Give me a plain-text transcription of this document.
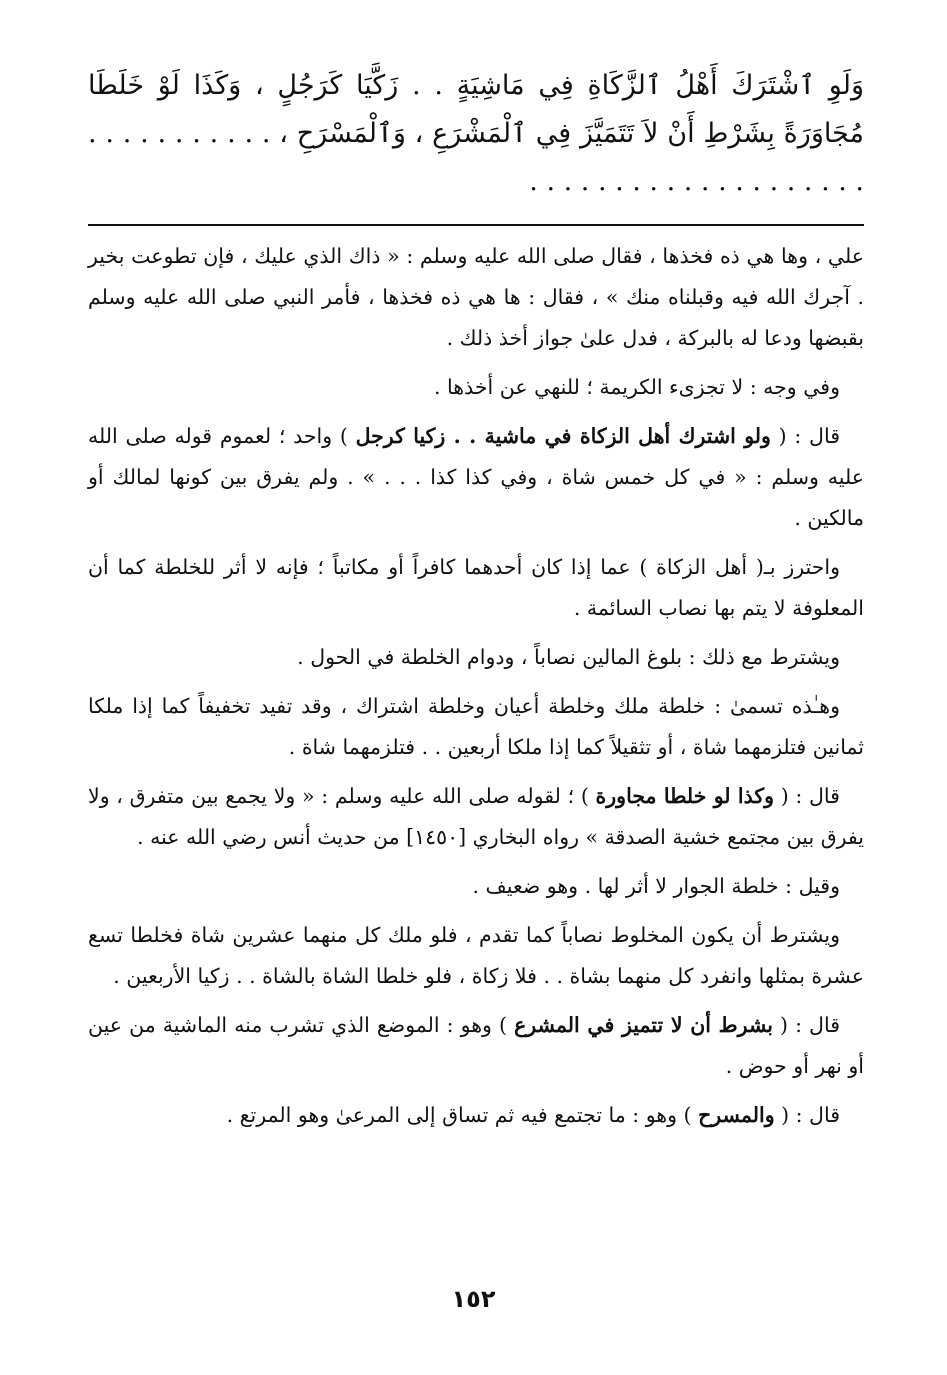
وَلَوِ ٱشْتَرَكَ أَهْلُ ٱلزَّكَاةِ فِي مَاشِيَةٍ . . زَكَّيَا كَرَجُلٍ ، وَكَذَا لَوْ خَلَطَا مُجَاوَرَةً بِشَرْطِ أَنْ لاَ تَتَمَيَّزَ فِي ٱلْمَشْرَعِ ، وَٱلْمَسْرَحِ ، . . . . . . . . . . . . . . . . . . . . . . . . . . . . . . .

علي ، وها هي ذه فخذها ، فقال صلى الله عليه وسلم : « ذاك الذي عليك ، فإن تطوعت بخير . آجرك الله فيه وقبلناه منك » ، فقال : ها هي ذه فخذها ، فأمر النبي صلى الله عليه وسلم بقبضها ودعا له بالبركة ، فدل علىٰ جواز أخذ ذلك .

وفي وجه : لا تجزىء الكريمة ؛ للنهي عن أخذها .

قال : ( ولو اشترك أهل الزكاة في ماشية . . زكيا كرجل ) واحد ؛ لعموم قوله صلى الله عليه وسلم : « في كل خمس شاة ، وفي كذا كذا . . . » . ولم يفرق بين كونها لمالك أو مالكين .

واحترز بـ( أهل الزكاة ) عما إذا كان أحدهما كافراً أو مكاتباً ؛ فإنه لا أثر للخلطة كما أن المعلوفة لا يتم بها نصاب السائمة .

ويشترط مع ذلك : بلوغ المالين نصاباً ، ودوام الخلطة في الحول .

وهـٰذه تسمىٰ : خلطة ملك وخلطة أعيان وخلطة اشتراك ، وقد تفيد تخفيفاً كما إذا ملكا ثمانين فتلزمهما شاة ، أو تثقيلاً كما إذا ملكا أربعين . . فتلزمهما شاة .

قال : ( وكذا لو خلطا مجاورة ) ؛ لقوله صلى الله عليه وسلم : « ولا يجمع بين متفرق ، ولا يفرق بين مجتمع خشية الصدقة » رواه البخاري [١٤٥٠] من حديث أنس رضي الله عنه .

وقيل : خلطة الجوار لا أثر لها . وهو ضعيف .

ويشترط أن يكون المخلوط نصاباً كما تقدم ، فلو ملك كل منهما عشرين شاة فخلطا تسع عشرة بمثلها وانفرد كل منهما بشاة . . فلا زكاة ، فلو خلطا الشاة بالشاة . . زكيا الأربعين .

قال : ( بشرط أن لا تتميز في المشرع ) وهو : الموضع الذي تشرب منه الماشية من عين أو نهر أو حوض .

قال : ( والمسرح ) وهو : ما تجتمع فيه ثم تساق إلى المرعىٰ وهو المرتع .

١٥٢
